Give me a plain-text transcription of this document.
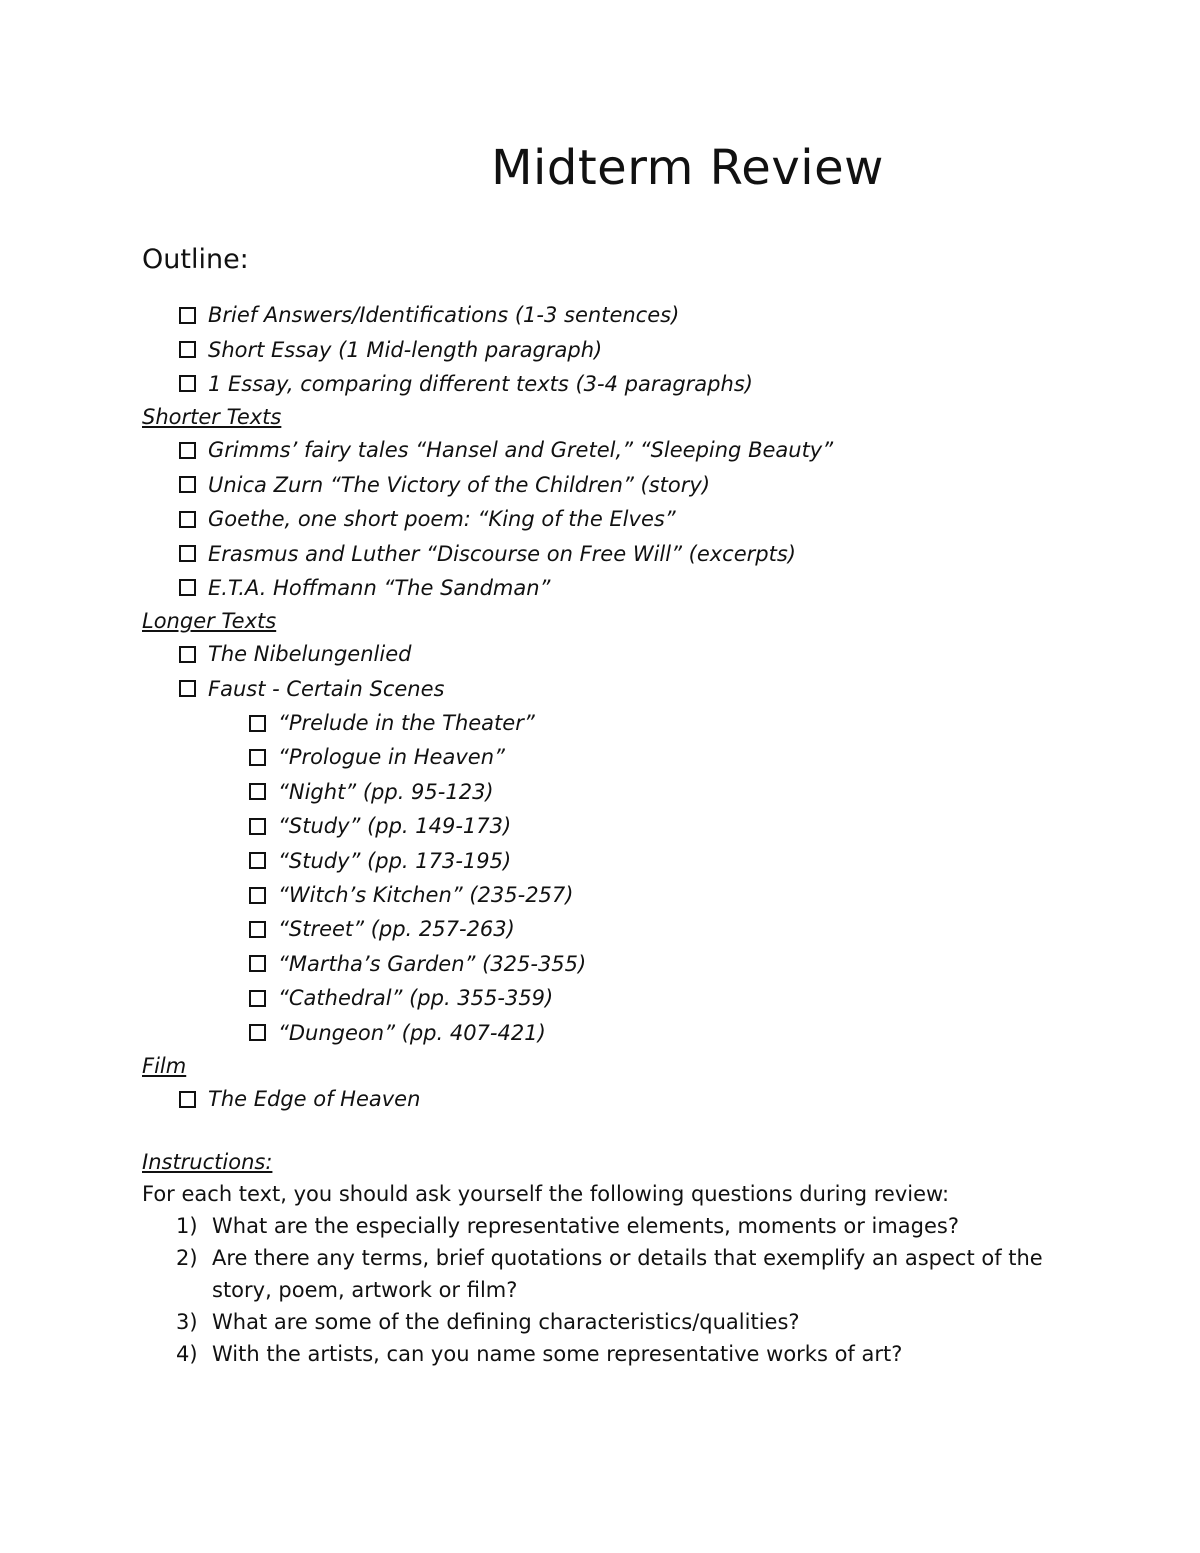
Midterm Review
Outline:
Brief Answers/Identifications (1-3 sentences)
Short Essay (1 Mid-length paragraph)
1 Essay, comparing different texts (3-4 paragraphs)
Shorter Texts
Grimms’ fairy tales “Hansel and Gretel,” “Sleeping Beauty”
Unica Zurn “The Victory of the Children” (story)
Goethe, one short poem: “King of the Elves”
Erasmus and Luther “Discourse on Free Will” (excerpts)
E.T.A. Hoffmann “The Sandman”
Longer Texts
The Nibelungenlied
Faust - Certain Scenes
“Prelude in the Theater”
“Prologue in Heaven”
“Night” (pp. 95-123)
“Study” (pp. 149-173)
“Study” (pp. 173-195)
“Witch’s Kitchen” (235-257)
“Street” (pp. 257-263)
“Martha’s Garden” (325-355)
“Cathedral” (pp. 355-359)
“Dungeon” (pp. 407-421)
Film
The Edge of Heaven
Instructions:
For each text, you should ask yourself the following questions during review:
1) What are the especially representative elements, moments or images?
2) Are there any terms, brief quotations or details that exemplify an aspect of the story, poem, artwork or film?
3) What are some of the defining characteristics/qualities?
4) With the artists, can you name some representative works of art?
